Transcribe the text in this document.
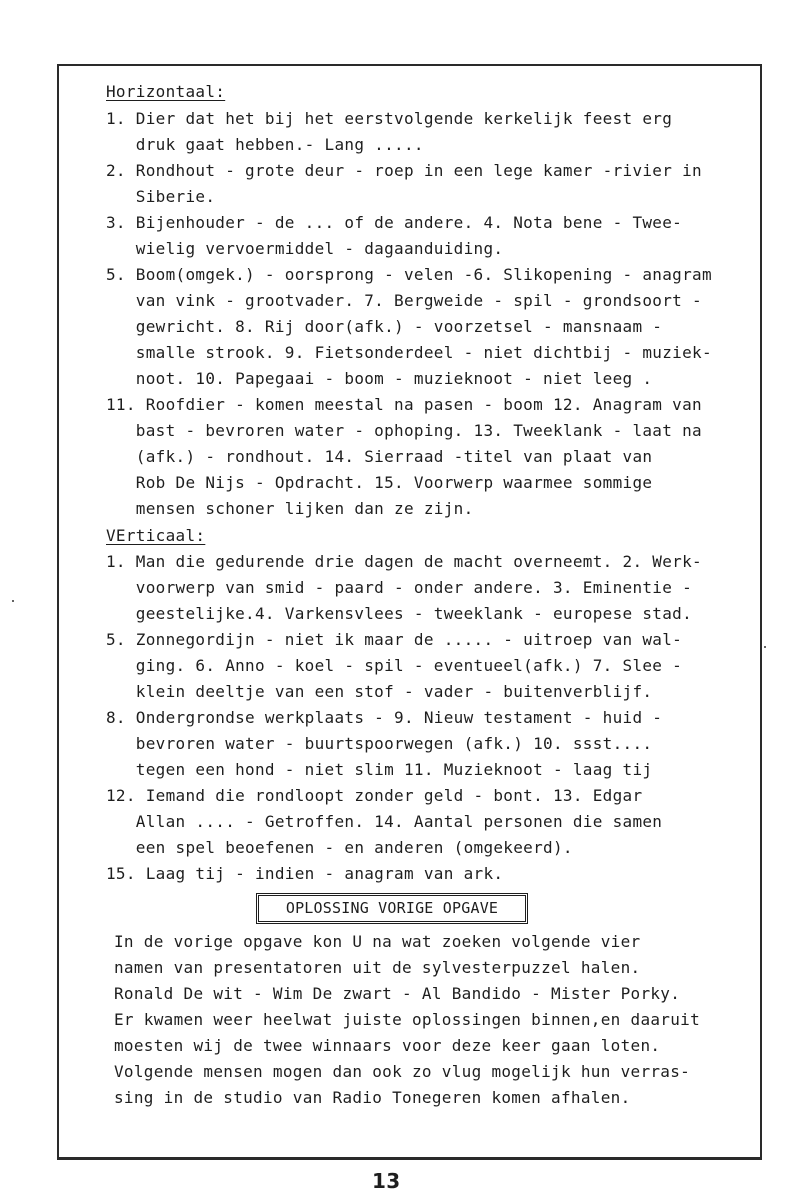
Horizontaal:
1. Dier dat het bij het eerstvolgende kerkelijk feest erg
druk gaat hebben.- Lang .....
2. Rondhout - grote deur - roep in een lege kamer -rivier in
Siberie.
3. Bijenhouder - de ... of de andere. 4. Nota bene - Twee-
wielig vervoermiddel - dagaanduiding.
5. Boom(omgek.) - oorsprong - velen -6. Slikopening - anagram
van vink - grootvader. 7. Bergweide - spil - grondsoort -
gewricht. 8. Rij door(afk.) - voorzetsel - mansnaam -
smalle strook. 9. Fietsonderdeel - niet dichtbij - muziek-
noot. 10. Papegaai - boom - muzieknoot - niet leeg .
11. Roofdier - komen meestal na pasen - boom 12. Anagram van
bast - bevroren water - ophoping. 13. Tweeklank - laat na
(afk.) - rondhout. 14. Sierraad -titel van plaat van
Rob De Nijs - Opdracht. 15. Voorwerp waarmee sommige
mensen schoner lijken dan ze zijn.
VErticaal:
1. Man die gedurende drie dagen de macht overneemt. 2. Werk-
voorwerp van smid - paard - onder andere. 3. Eminentie -
geestelijke.4. Varkensvlees - tweeklank - europese stad.
5. Zonnegordijn - niet ik maar de ..... - uitroep van wal-
ging. 6. Anno - koel - spil - eventueel(afk.) 7. Slee -
klein deeltje van een stof - vader - buitenverblijf.
8. Ondergrondse werkplaats - 9. Nieuw testament - huid -
bevroren water - buurtspoorwegen (afk.) 10. ssst....
tegen een hond - niet slim 11. Muzieknoot - laag tij
12. Iemand die rondloopt zonder geld - bont. 13. Edgar
Allan .... - Getroffen. 14. Aantal personen die samen
een spel beoefenen - en anderen (omgekeerd).
15. Laag tij - indien - anagram van ark.
OPLOSSING VORIGE OPGAVE
In de vorige opgave kon U na wat zoeken volgende vier
namen van presentatoren uit de sylvesterpuzzel halen.
Ronald De wit - Wim De zwart - Al Bandido - Mister Porky.
Er kwamen weer heelwat juiste oplossingen binnen,en daaruit
moesten wij de twee winnaars voor deze keer gaan loten.
Volgende mensen mogen dan ook zo vlug mogelijk hun verras-
sing in de studio van Radio Tonegeren komen afhalen.
13
